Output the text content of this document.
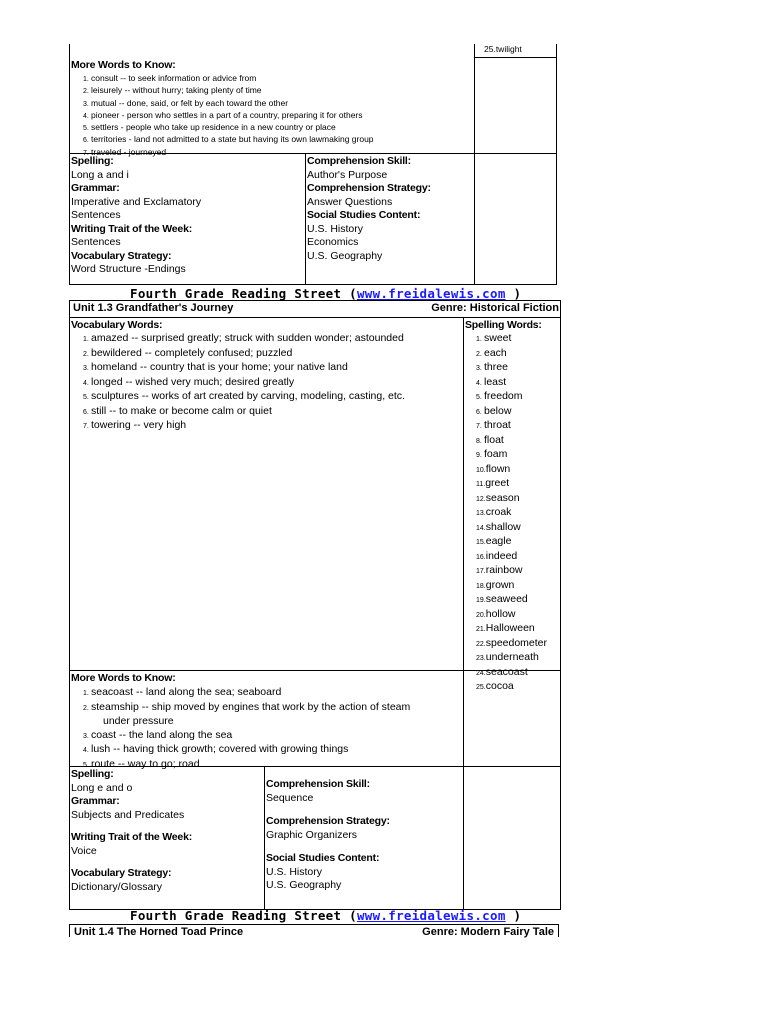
25.twilight
More Words to Know:
1. consult -- to seek information or advice from
2. leisurely -- without hurry; taking plenty of time
3. mutual -- done, said, or felt by each toward the other
4. pioneer - person who settles in a part of a country, preparing it for others
5. settlers - people who take up residence in a new country or place
6. territories - land not admitted to a state but having its own lawmaking group
7. traveled - journeyed
Spelling:
Long a and i
Grammar:
Imperative and Exclamatory
Sentences
Writing Trait of the Week:
Sentences
Vocabulary Strategy:
Word Structure -Endings
Comprehension Skill:
Author's Purpose
Comprehension Strategy:
Answer Questions
Social Studies Content:
U.S. History
Economics
U.S. Geography
Fourth Grade Reading Street (www.freidalewis.com )
Unit 1.3 Grandfather's Journey	Genre: Historical Fiction
Vocabulary Words:
1. amazed -- surprised greatly; struck with sudden wonder; astounded
2. bewildered -- completely confused; puzzled
3. homeland -- country that is your home; your native land
4. longed -- wished very much; desired greatly
5. sculptures -- works of art created by carving, modeling, casting, etc.
6. still -- to make or become calm or quiet
7. towering -- very high
Spelling Words:
1. sweet
2. each
3. three
4. least
5. freedom
6. below
7. throat
8. float
9. foam
10.flown
11.greet
12.season
13.croak
14.shallow
15.eagle
16.indeed
17.rainbow
18.grown
19.seaweed
20.hollow
21.Halloween
22.speedometer
23.underneath
24.seacoast
25.cocoa
More Words to Know:
1. seacoast -- land along the sea; seaboard
2. steamship -- ship moved by engines that work by the action of steam
under pressure
3. coast -- the land along the sea
4. lush -- having thick growth; covered with growing things
5. route -- way to go; road
Spelling:
Long e and o
Grammar:
Subjects and Predicates
Writing Trait of the Week:
Voice
Vocabulary Strategy:
Dictionary/Glossary
Comprehension Skill:
Sequence
Comprehension Strategy:
Graphic Organizers
Social Studies Content:
U.S. History
U.S. Geography
Fourth Grade Reading Street (www.freidalewis.com )
Unit 1.4 The Horned Toad Prince	Genre: Modern Fairy Tale
